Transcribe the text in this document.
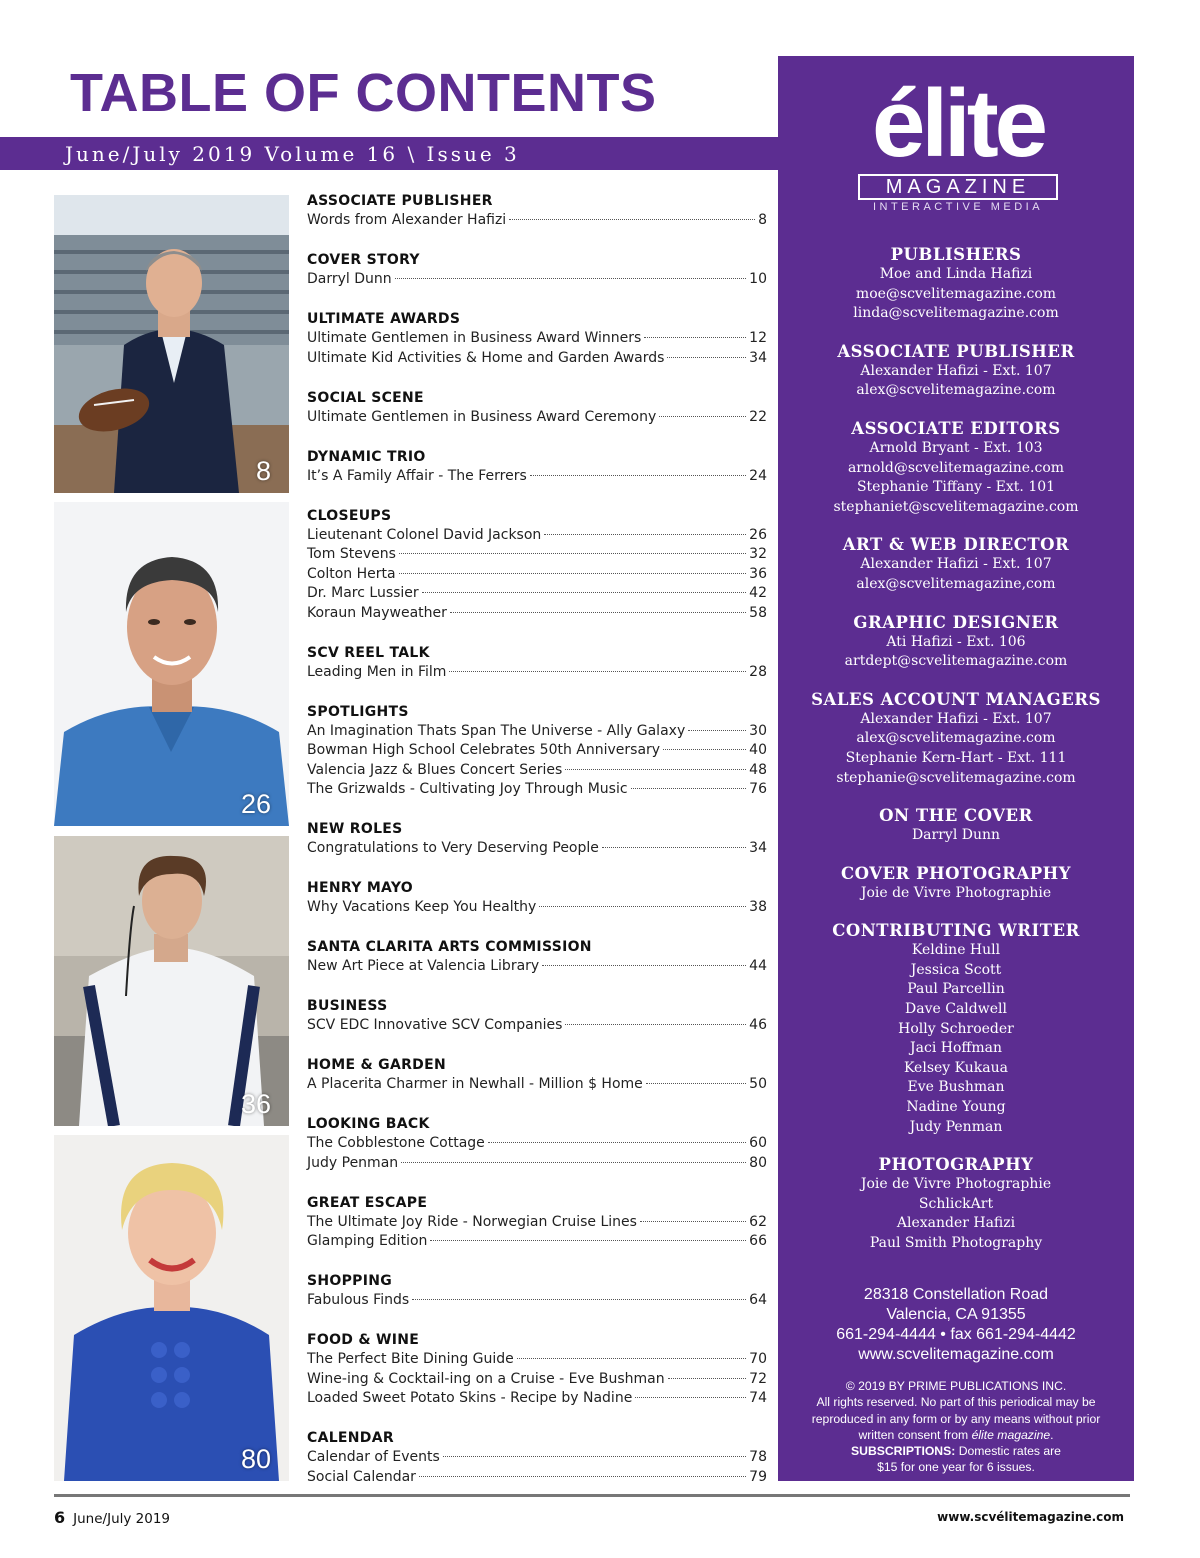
TABLE OF CONTENTS
June/July 2019 Volume 16 \ Issue 3
8
26
36
80
ASSOCIATE PUBLISHER
Words from Alexander Hafizi	8
COVER STORY
Darryl Dunn	10
ULTIMATE AWARDS
Ultimate Gentlemen in Business Award Winners	12
Ultimate Kid Activities & Home and Garden Awards	34
SOCIAL SCENE
Ultimate Gentlemen in Business Award Ceremony	22
DYNAMIC TRIO
It’s A Family Affair - The Ferrers	24
CLOSEUPS
Lieutenant Colonel David Jackson	26
Tom Stevens	32
Colton Herta	36
Dr. Marc Lussier	42
Koraun Mayweather	58
SCV REEL TALK
Leading Men in Film	28
SPOTLIGHTS
An Imagination Thats Span The Universe - Ally Galaxy	30
Bowman High School Celebrates 50th Anniversary	40
Valencia Jazz & Blues Concert Series	48
The Grizwalds - Cultivating Joy Through Music	76
NEW ROLES
Congratulations to Very Deserving People	34
HENRY MAYO
Why Vacations Keep You Healthy	38
SANTA CLARITA ARTS COMMISSION
New Art Piece at Valencia Library	44
BUSINESS
SCV EDC Innovative SCV Companies	46
HOME & GARDEN
A Placerita Charmer in Newhall - Million $ Home	50
LOOKING BACK
The Cobblestone Cottage	60
Judy Penman	80
GREAT ESCAPE
The Ultimate Joy Ride - Norwegian Cruise Lines	62
Glamping Edition	66
SHOPPING
Fabulous Finds	64
FOOD & WINE
The Perfect Bite Dining Guide	70
Wine-ing & Cocktail-ing on a Cruise - Eve Bushman	72
Loaded Sweet Potato Skins - Recipe by Nadine	74
CALENDAR
Calendar of Events	78
Social Calendar	79
élite
MAGAZINE
INTERACTIVE MEDIA
PUBLISHERS
Moe and Linda Hafizi
moe@scvelitemagazine.com
linda@scvelitemagazine.com
ASSOCIATE PUBLISHER
Alexander Hafizi - Ext. 107
alex@scvelitemagazine.com
ASSOCIATE EDITORS
Arnold Bryant - Ext. 103
arnold@scvelitemagazine.com
Stephanie Tiffany - Ext. 101
stephaniet@scvelitemagazine.com
ART & WEB DIRECTOR
Alexander Hafizi - Ext. 107
alex@scvelitemagazine,com
GRAPHIC DESIGNER
Ati Hafizi - Ext. 106
artdept@scvelitemagazine.com
SALES ACCOUNT MANAGERS
Alexander Hafizi - Ext. 107
alex@scvelitemagazine.com
Stephanie Kern-Hart - Ext. 111
stephanie@scvelitemagazine.com
ON THE COVER
Darryl Dunn
COVER PHOTOGRAPHY
Joie de Vivre Photographie
CONTRIBUTING WRITER
Keldine Hull
Jessica Scott
Paul Parcellin
Dave Caldwell
Holly Schroeder
Jaci Hoffman
Kelsey Kukaua
Eve Bushman
Nadine Young
Judy Penman
PHOTOGRAPHY
Joie de Vivre Photographie
SchlickArt
Alexander Hafizi
Paul Smith Photography
28318 Constellation Road
Valencia, CA 91355
661-294-4444 • fax 661-294-4442
www.scvelitemagazine.com
© 2019 BY PRIME PUBLICATIONS INC.
All rights reserved. No part of this periodical may be
reproduced in any form or by any means without prior
written consent from élite magazine.
SUBSCRIPTIONS: Domestic rates are
$15 for one year for 6 issues.
6 June/July 2019	www.scvélitemagazine.com
